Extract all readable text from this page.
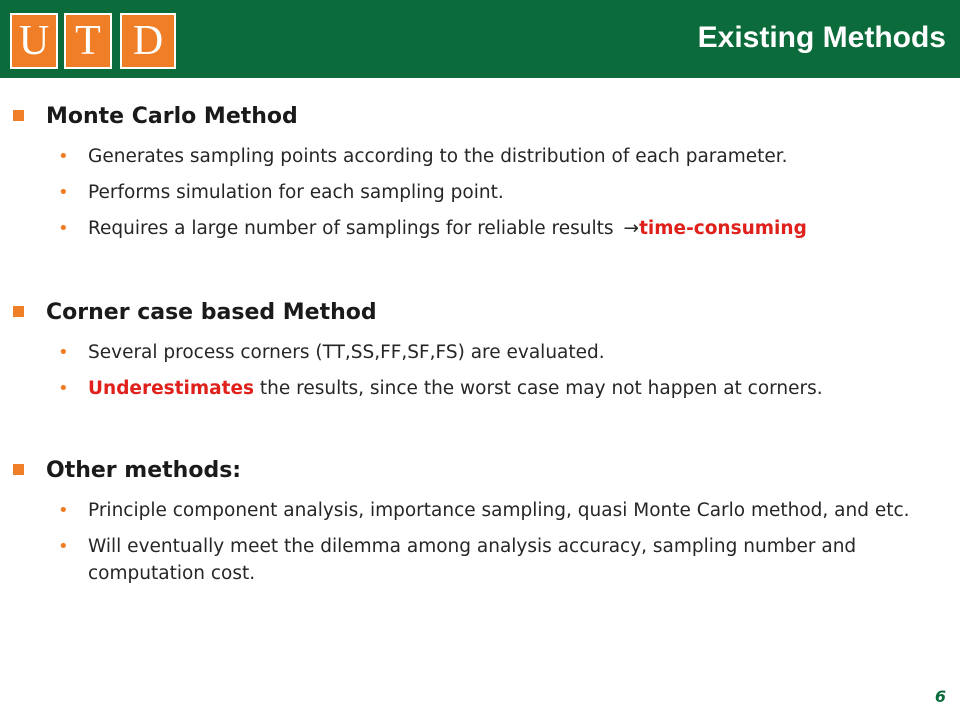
U T D	Existing Methods
Monte Carlo Method
• Generates sampling points according to the distribution of each parameter.
• Performs simulation for each sampling point.
• Requires a large number of samplings for reliable results →time-consuming
Corner case based Method
• Several process corners (TT,SS,FF,SF,FS) are evaluated.
• Underestimates the results, since the worst case may not happen at corners.
Other methods:
• Principle component analysis, importance sampling, quasi Monte Carlo method, and etc.
• Will eventually meet the dilemma among analysis accuracy, sampling number and computation cost.
6
